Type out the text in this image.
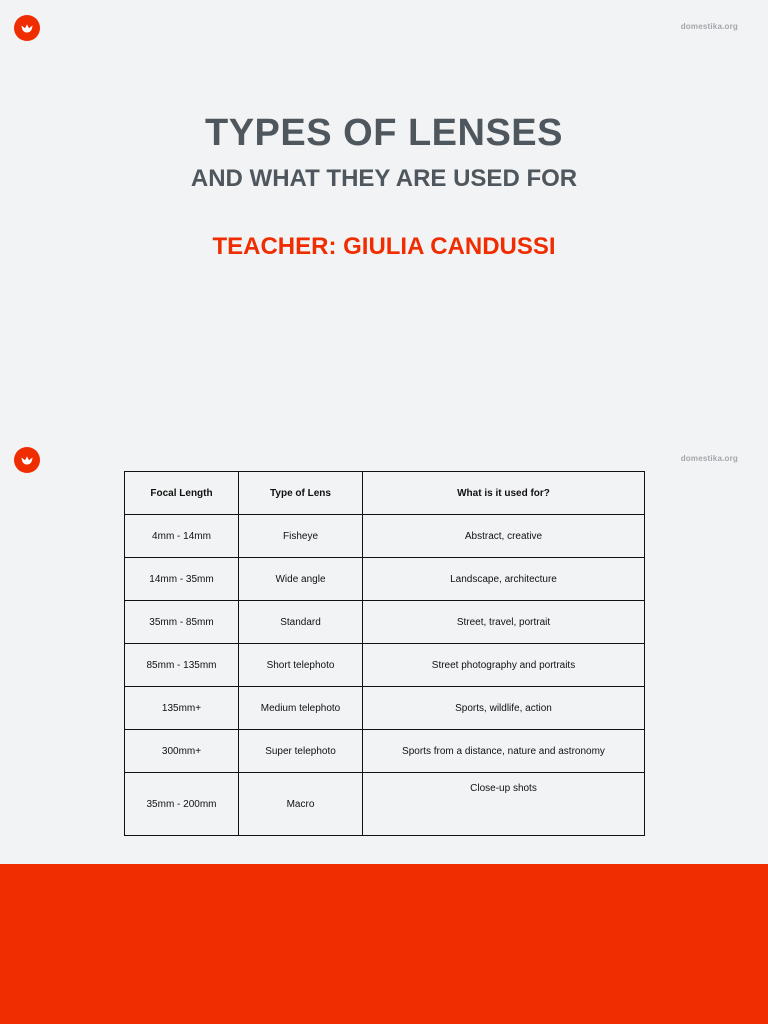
domestika.org
TYPES OF LENSES
AND WHAT THEY ARE USED FOR
TEACHER: GIULIA CANDUSSI
domestika.org
Focal Length	Type of Lens	What is it used for?
4mm - 14mm	Fisheye	Abstract, creative
14mm - 35mm	Wide angle	Landscape, architecture
35mm - 85mm	Standard	Street, travel, portrait
85mm - 135mm	Short telephoto	Street photography and portraits
135mm+	Medium telephoto	Sports, wildlife, action
300mm+	Super telephoto	Sports from a distance, nature and astronomy
35mm - 200mm	Macro	Close-up shots
